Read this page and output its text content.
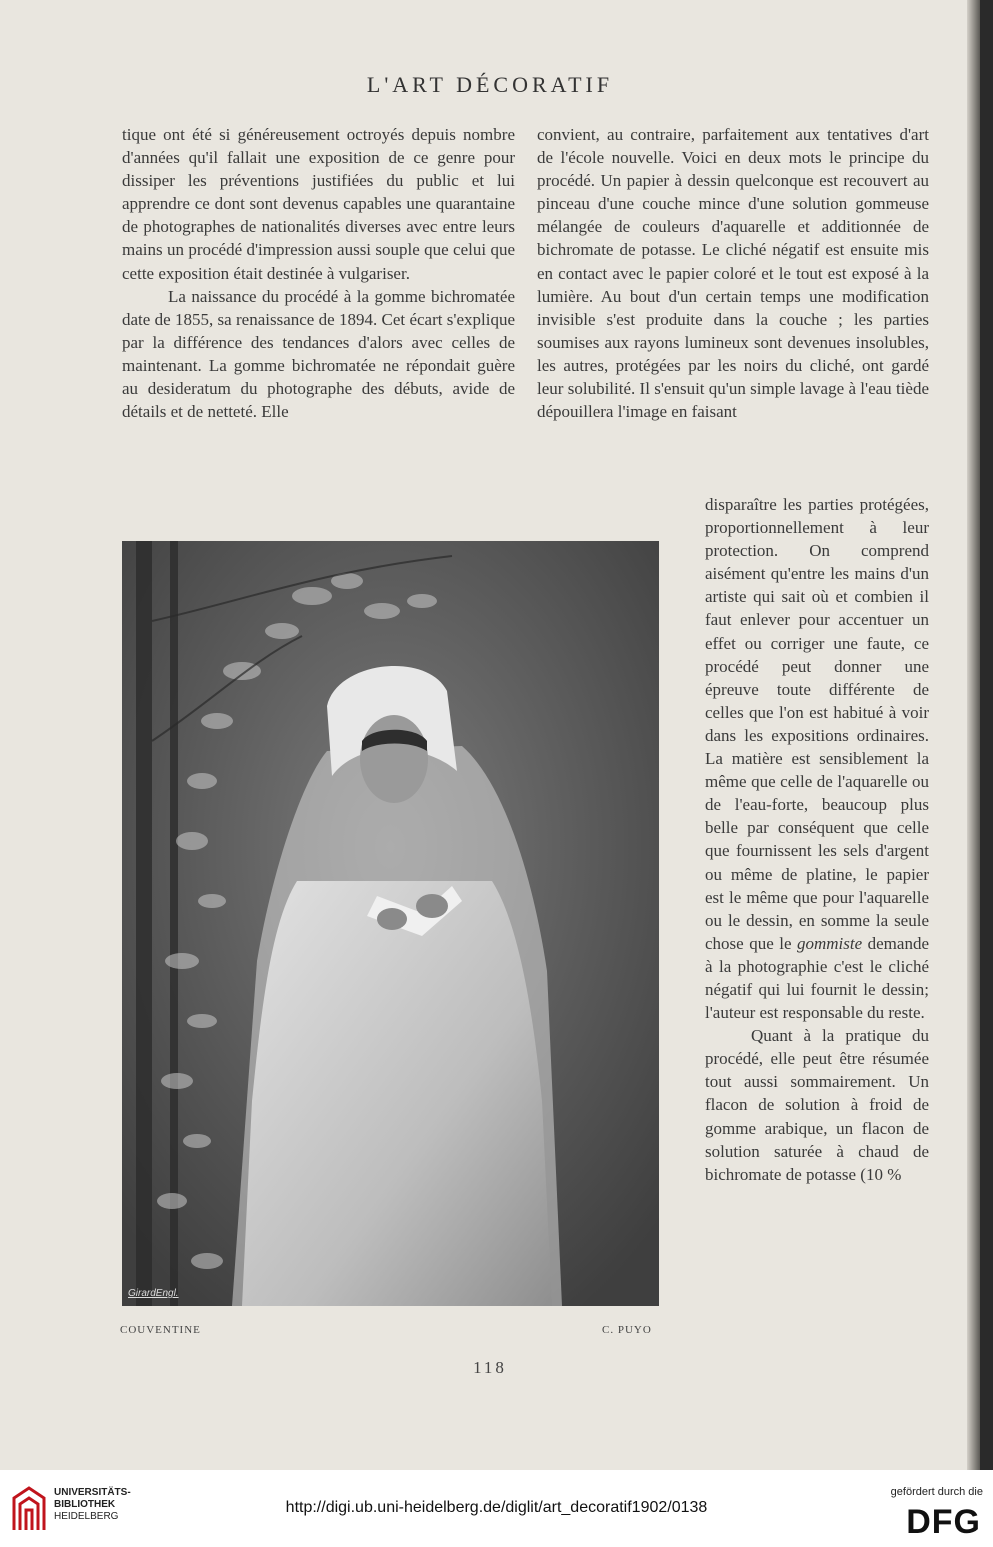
L'ART DÉCORATIF

tique ont été si généreusement octroyés depuis nombre d'années qu'il fallait une exposition de ce genre pour dissiper les préventions justifiées du public et lui apprendre ce dont sont devenus capables une quarantaine de photographes de nationalités diverses avec entre leurs mains un procédé d'impression aussi souple que celui que cette exposition était destinée à vulgariser.

La naissance du procédé à la gomme bichromatée date de 1855, sa renaissance de 1894. Cet écart s'explique par la différence des tendances d'alors avec celles de maintenant. La gomme bichromatée ne répondait guère au desideratum du photographe des débuts, avide de détails et de netteté. Elle

convient, au contraire, parfaitement aux tentatives d'art de l'école nouvelle. Voici en deux mots le principe du procédé. Un papier à dessin quelconque est recouvert au pinceau d'une couche mince d'une solution gommeuse mélangée de couleurs d'aquarelle et additionnée de bichromate de potasse. Le cliché négatif est ensuite mis en contact avec le papier coloré et le tout est exposé à la lumière. Au bout d'un certain temps une modification invisible s'est produite dans la couche ; les parties soumises aux rayons lumineux sont devenues insolubles, les autres, protégées par les noirs du cliché, ont gardé leur solubilité. Il s'ensuit qu'un simple lavage à l'eau tiède dépouillera l'image en faisant

disparaître les parties protégées, proportionnellement à leur protection. On comprend aisément qu'entre les mains d'un artiste qui sait où et combien il faut enlever pour accentuer un effet ou corriger une faute, ce procédé peut donner une épreuve toute différente de celles que l'on est habitué à voir dans les expositions ordinaires. La matière est sensiblement la même que celle de l'aquarelle ou de l'eau-forte, beaucoup plus belle par conséquent que celle que fournissent les sels d'argent ou même de platine, le papier est le même que pour l'aquarelle ou le dessin, en somme la seule chose que le gommiste demande à la photographie c'est le cliché négatif qui lui fournit le dessin; l'auteur est responsable du reste.

Quant à la pratique du procédé, elle peut être résumée tout aussi sommairement. Un flacon de solution à froid de gomme arabique, un flacon de solution saturée à chaud de bichromate de potasse (10 %

GirardEngl.
COUVENTINE	C. PUYO
118
UNIVERSITÄTS-
BIBLIOTHEK
HEIDELBERG
http://digi.ub.uni-heidelberg.de/diglit/art_decoratif1902/0138
gefördert durch die
DFG
